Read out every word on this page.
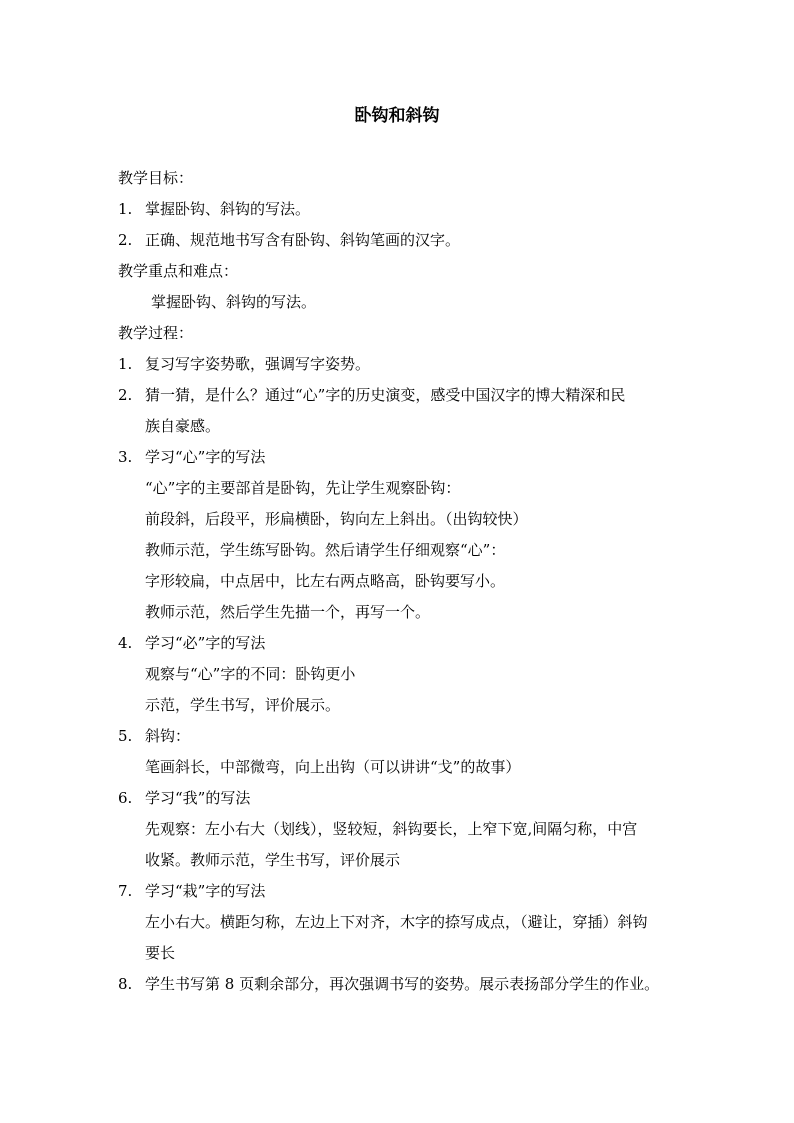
卧钩和斜钩
教学目标：
1. 掌握卧钩、斜钩的写法。
2. 正确、规范地书写含有卧钩、斜钩笔画的汉字。
教学重点和难点：
掌握卧钩、斜钩的写法。
教学过程：
1. 复习写字姿势歌，强调写字姿势。
2. 猜一猜，是什么？通过“心”字的历史演变，感受中国汉字的博大精深和民
族自豪感。
3. 学习“心”字的写法
“心”字的主要部首是卧钩，先让学生观察卧钩：
前段斜，后段平，形扁横卧，钩向左上斜出。（出钩较快）
教师示范，学生练写卧钩。然后请学生仔细观察“心”：
字形较扁，中点居中，比左右两点略高，卧钩要写小。
教师示范，然后学生先描一个，再写一个。
4. 学习“必”字的写法
观察与“心”字的不同：卧钩更小
示范，学生书写，评价展示。
5. 斜钩：
笔画斜长，中部微弯，向上出钩（可以讲讲“戈”的故事）
6. 学习“我”的写法
先观察：左小右大（划线），竖较短，斜钩要长，上窄下宽,间隔匀称，中宫
收紧。教师示范，学生书写，评价展示
7. 学习“栽”字的写法
左小右大。横距匀称，左边上下对齐，木字的捺写成点，（避让，穿插）斜钩
要长
8. 学生书写第 8 页剩余部分，再次强调书写的姿势。展示表扬部分学生的作业。
